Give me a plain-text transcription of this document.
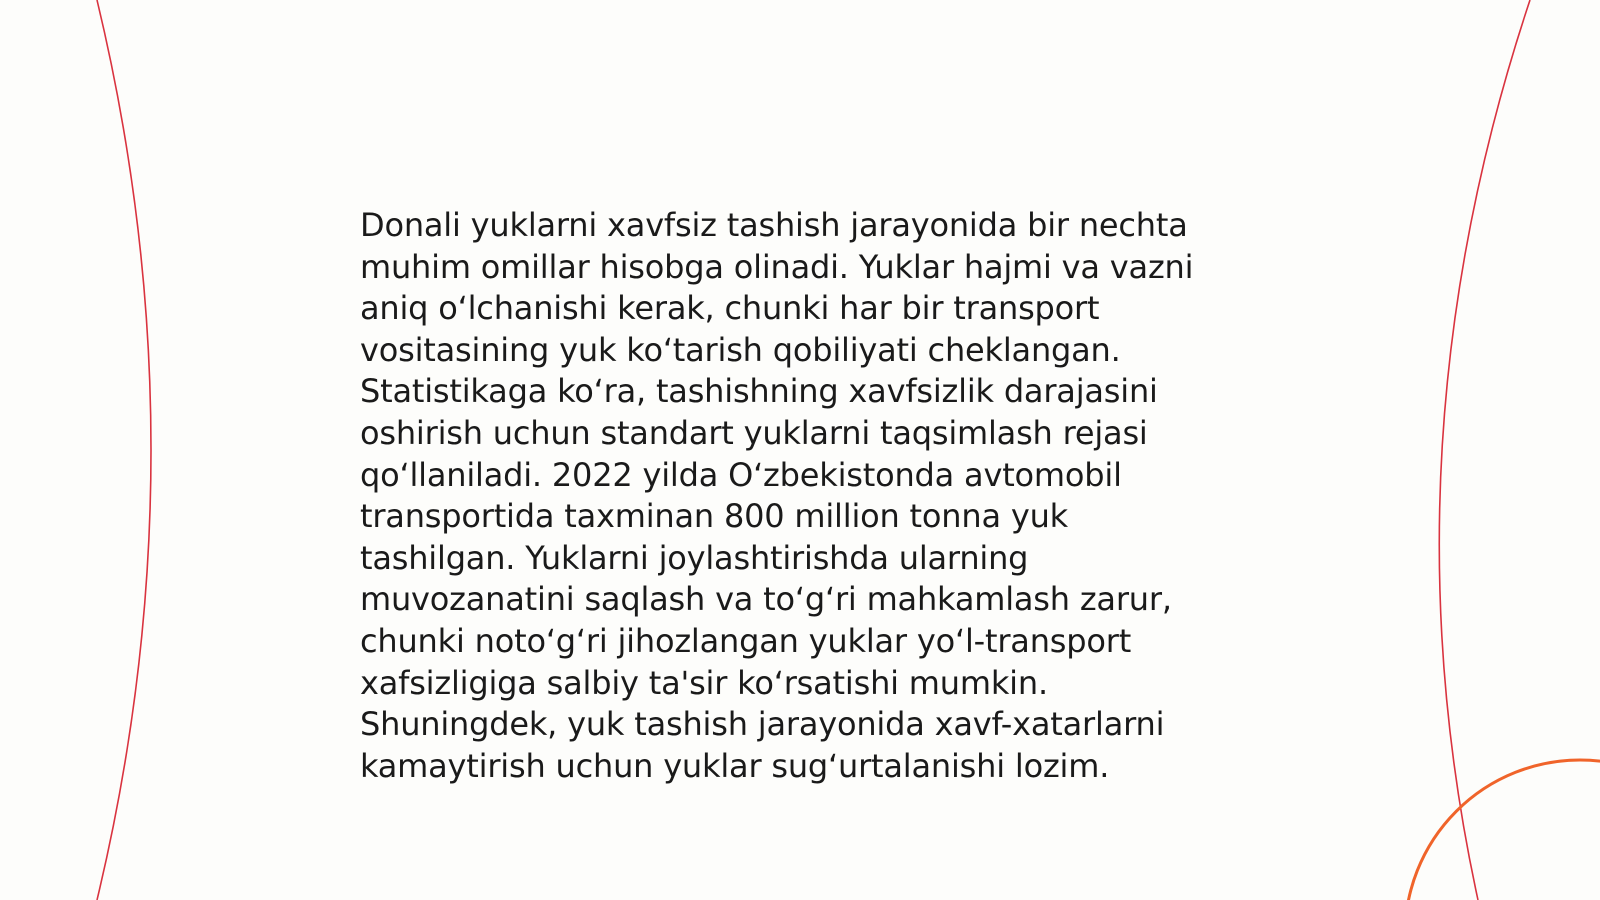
Donali yuklarni xavfsiz tashish jarayonida bir nechta
muhim omillar hisobga olinadi. Yuklar hajmi va vazni
aniq oʻlchanishi kerak, chunki har bir transport
vositasining yuk koʻtarish qobiliyati cheklangan.
Statistikaga koʻra, tashishning xavfsizlik darajasini
oshirish uchun standart yuklarni taqsimlash rejasi
qoʻllaniladi. 2022 yilda Oʻzbekistonda avtomobil
transportida taxminan 800 million tonna yuk
tashilgan. Yuklarni joylashtirishda ularning
muvozanatini saqlash va toʻgʻri mahkamlash zarur,
chunki notoʻgʻri jihozlangan yuklar yoʻl-transport
xafsizligiga salbiy ta'sir koʻrsatishi mumkin.
Shuningdek, yuk tashish jarayonida xavf-xatarlarni
kamaytirish uchun yuklar sugʻurtalanishi lozim.
